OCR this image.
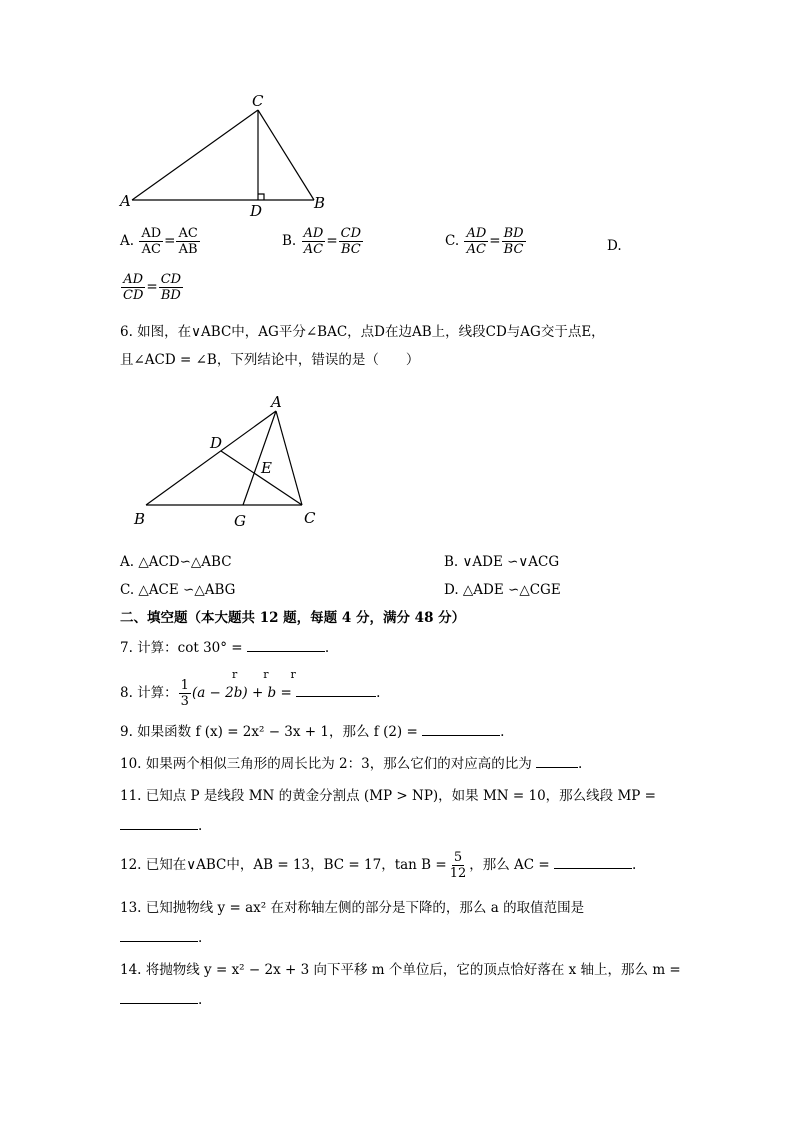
A
C
D	B
A. $\frac{AD}{AC} = \frac{AC}{AB}$	B. $\frac{AD}{AC} = \frac{CD}{BC}$	C. $\frac{AD}{AC} = \frac{BD}{BC}$	D.
$\frac{AD}{CD} = \frac{CD}{BD}$
6. 如图，在∨ABC中，AG平分∠BAC，点D在边AB上，线段CD与AG交于点E，
且∠ACD = ∠B，下列结论中，错误的是（　　）
A
D
E
B	G	C
A. △ACD∽△ABC	B. ∨ADE ∽∨ACG
C. △ACE ∽△ABG	D. △ADE ∽△CGE
二、填空题（本大题共 12 题，每题 4 分，满分 48 分）
7. 计算：cot 30° =	.
r r r
8. 计算： $\frac{1}{3} (a - 2b) + b$ =	.
9. 如果函数 f (x) = 2x² − 3x + 1，那么 f (2) =	.
10. 如果两个相似三角形的周长比为 2：3，那么它们的对应高的比为	.
11. 已知点 P 是线段 MN 的黄金分割点 (MP > NP)，如果 MN = 10，那么线段 MP =
.
12. 已知在∨ABC中，AB = 13，BC = 17，$\tan B = \frac{5}{12}$ ，那么 AC =	.
13. 已知抛物线 y = ax² 在对称轴左侧的部分是下降的，那么 a 的取值范围是
.
14. 将抛物线 y = x² − 2x + 3 向下平移 m 个单位后，它的顶点恰好落在 x 轴上，那么 m =
.
